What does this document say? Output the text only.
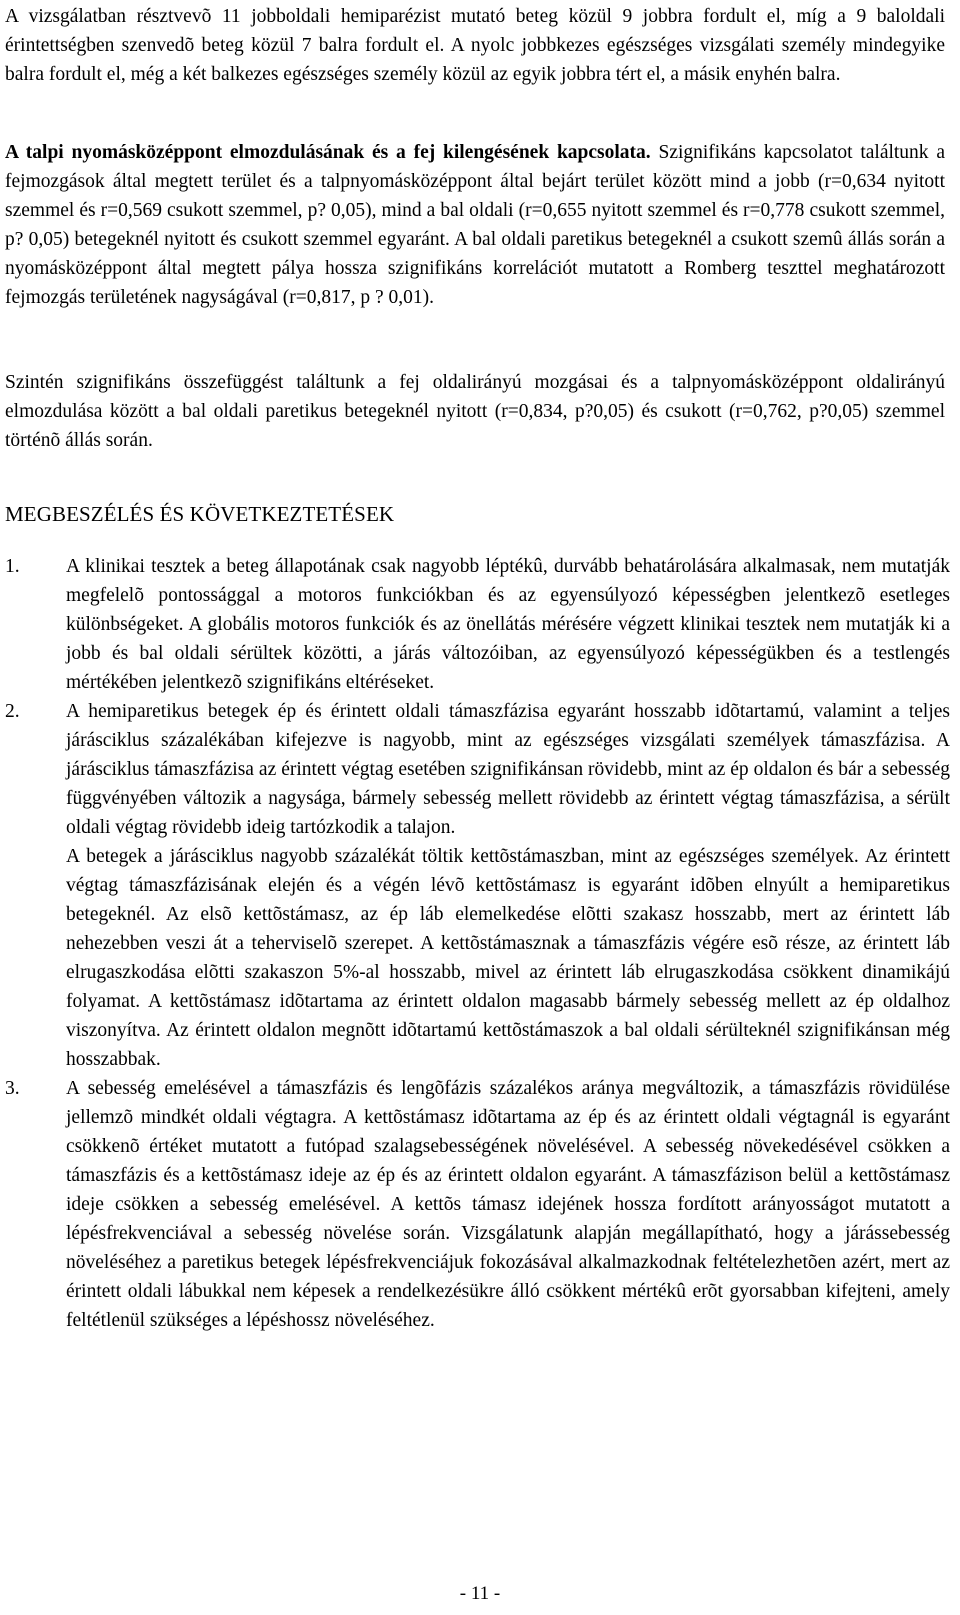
A vizsgálatban résztvevõ 11 jobboldali hemiparézist mutató beteg közül 9 jobbra fordult el, míg a 9 baloldali érintettségben szenvedõ beteg közül 7 balra fordult el. A nyolc jobbkezes egészséges vizsgálati személy mindegyike balra fordult el, még a két balkezes egészséges személy közül az egyik jobbra tért el, a másik enyhén balra.

A talpi nyomásközéppont elmozdulásának és a fej kilengésének kapcsolata. Szignifikáns kapcsolatot találtunk a fejmozgások által megtett terület és a talpnyomásközéppont által bejárt terület között mind a jobb (r=0,634 nyitott szemmel és r=0,569 csukott szemmel, p? 0,05), mind a bal oldali (r=0,655 nyitott szemmel és r=0,778 csukott szemmel, p? 0,05) betegeknél nyitott és csukott szemmel egyaránt. A bal oldali paretikus betegeknél a csukott szemû állás során a nyomásközéppont által megtett pálya hossza szignifikáns korrelációt mutatott a Romberg teszttel meghatározott fejmozgás területének nagyságával (r=0,817, p ? 0,01).

Szintén szignifikáns összefüggést találtunk a fej oldalirányú mozgásai és a talpnyomásközéppont oldalirányú elmozdulása között a bal oldali paretikus betegeknél nyitott (r=0,834, p?0,05) és csukott (r=0,762, p?0,05) szemmel történõ állás során.

MEGBESZÉLÉS ÉS KÖVETKEZTETÉSEK
1. A klinikai tesztek a beteg állapotának csak nagyobb léptékû, durvább behatárolására alkalmasak, nem mutatják megfelelõ pontossággal a motoros funkciókban és az egyensúlyozó képességben jelentkezõ esetleges különbségeket. A globális motoros funkciók és az önellátás mérésére végzett klinikai tesztek nem mutatják ki a jobb és bal oldali sérültek közötti, a járás változóiban, az egyensúlyozó képességükben és a testlengés mértékében jelentkezõ szignifikáns eltéréseket.

2. A hemiparetikus betegek ép és érintett oldali támaszfázisa egyaránt hosszabb idõtartamú, valamint a teljes járásciklus százalékában kifejezve is nagyobb, mint az egészséges vizsgálati személyek támaszfázisa. A járásciklus támaszfázisa az érintett végtag esetében szignifikánsan rövidebb, mint az ép oldalon és bár a sebesség függvényében változik a nagysága, bármely sebesség mellett rövidebb az érintett végtag támaszfázisa, a sérült oldali végtag rövidebb ideig tartózkodik a talajon.

A betegek a járásciklus nagyobb százalékát töltik kettõstámaszban, mint az egészséges személyek. Az érintett végtag támaszfázisának elején és a végén lévõ kettõstámasz is egyaránt idõben elnyúlt a hemiparetikus betegeknél. Az elsõ kettõstámasz, az ép láb elemelkedése elõtti szakasz hosszabb, mert az érintett láb nehezebben veszi át a teherviselõ szerepet. A kettõstámasznak a támaszfázis végére esõ része, az érintett láb elrugaszkodása elõtti szakaszon 5%-al hosszabb, mivel az érintett láb elrugaszkodása csökkent dinamikájú folyamat. A kettõstámasz idõtartama az érintett oldalon magasabb bármely sebesség mellett az ép oldalhoz viszonyítva. Az érintett oldalon megnõtt idõtartamú kettõstámaszok a bal oldali sérülteknél szignifikánsan még hosszabbak.

3. A sebesség emelésével a támaszfázis és lengõfázis százalékos aránya megváltozik, a támaszfázis rövidülése jellemzõ mindkét oldali végtagra. A kettõstámasz idõtartama az ép és az érintett oldali végtagnál is egyaránt csökkenõ értéket mutatott a futópad szalagsebességének növelésével. A sebesség növekedésével csökken a támaszfázis és a kettõstámasz ideje az ép és az érintett oldalon egyaránt. A támaszfázison belül a kettõstámasz ideje csökken a sebesség emelésével. A kettõs támasz idejének hossza fordított arányosságot mutatott a lépésfrekvenciával a sebesség növelése során. Vizsgálatunk alapján megállapítható, hogy a járássebesség növeléséhez a paretikus betegek lépésfrekvenciájuk fokozásával alkalmazkodnak feltételezhetõen azért, mert az érintett oldali lábukkal nem képesek a rendelkezésükre álló csökkent mértékû erõt gyorsabban kifejteni, amely feltétlenül szükséges a lépéshossz növeléséhez.

- 11 -
